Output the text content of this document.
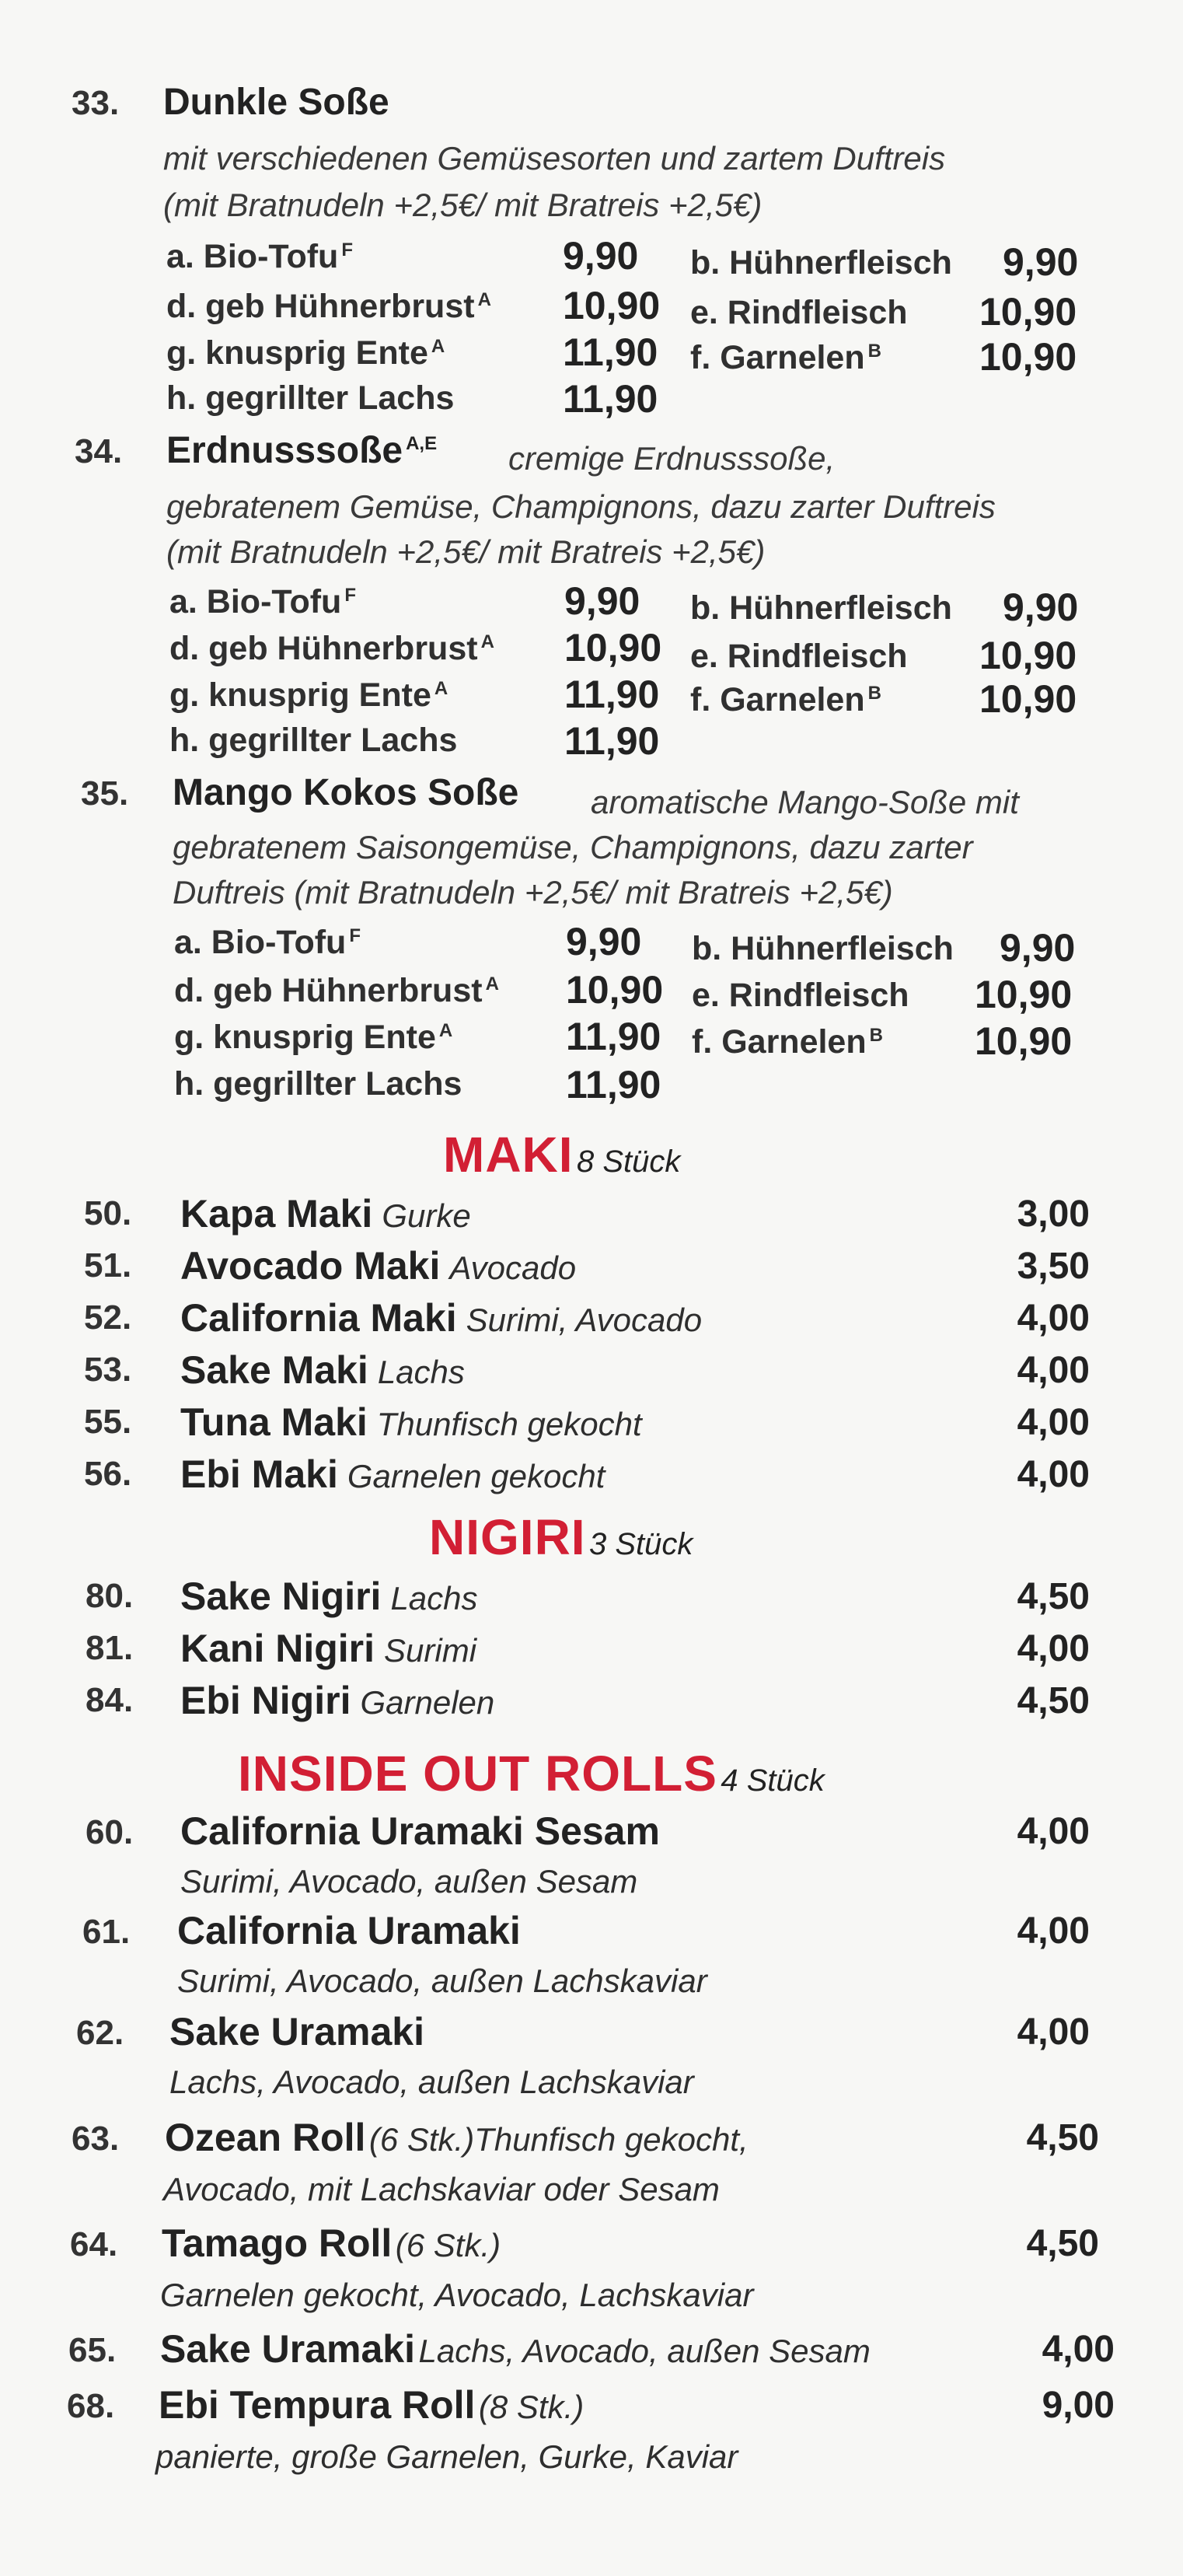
33. Dunkle Soße
mit verschiedenen Gemüsesorten und zartem Duftreis
(mit Bratnudeln +2,5€/ mit Bratreis +2,5€)
a. Bio-Tofu $^F$	9,90 b. Hühnerfleisch 9,90
d. geb Hühnerbrust $^A$ 10,90 e. Rindfleisch 10,90
g. knusprig Ente $^A$	11,90 f. Garnelen $^B$	10,90
h. gegrillter Lachs	11,90
34. Erdnusssoße $^{A,E}$ cremige Erdnusssoße,
gebratenem Gemüse, Champignons, dazu zarter Duftreis
(mit Bratnudeln +2,5€/ mit Bratreis +2,5€)
a. Bio-Tofu $^F$	9,90 b. Hühnerfleisch 9,90
d. geb Hühnerbrust $^A$ 10,90 e. Rindfleisch 10,90
g. knusprig Ente $^A$	11,90 f. Garnelen $^B$	10,90
h. gegrillter Lachs	11,90
35. Mango Kokos Soße aromatische Mango-Soße mit
gebratenem Saisongemüse, Champignons, dazu zarter
Duftreis (mit Bratnudeln +2,5€/ mit Bratreis +2,5€)
a. Bio-Tofu $^F$	9,90 b. Hühnerfleisch 9,90
d. geb Hühnerbrust $^A$ 10,90 e. Rindfleisch 10,90
g. knusprig Ente $^A$	11,90 f. Garnelen $^B$ 10,90
h. gegrillter Lachs	11,90
MAKI 8 Stück
50. Kapa Maki Gurke	3,00
51. Avocado Maki Avocado	3,50
52. California Maki Surimi, Avocado	4,00
53. Sake Maki Lachs	4,00
55. Tuna Maki Thunfisch gekocht	4,00
56. Ebi Maki Garnelen gekocht	4,00
NIGIRI 3 Stück
80. Sake Nigiri Lachs	4,50
81. Kani Nigiri Surimi	4,00
84. Ebi Nigiri Garnelen	4,50
INSIDE OUT ROLLS 4 Stück
60. California Uramaki Sesam	4,00
Surimi, Avocado, außen Sesam
61. California Uramaki	4,00
Surimi, Avocado, außen Lachskaviar
62. Sake Uramaki	4,00
Lachs, Avocado, außen Lachskaviar
63. Ozean Roll (6 Stk.)Thunfisch gekocht,	4,50
Avocado, mit Lachskaviar oder Sesam
64. Tamago Roll (6 Stk.)	4,50
Garnelen gekocht, Avocado, Lachskaviar
65. Sake Uramaki Lachs, Avocado, außen Sesam	4,00
68. Ebi Tempura Roll (8 Stk.)	9,00
panierte, große Garnelen, Gurke, Kaviar
